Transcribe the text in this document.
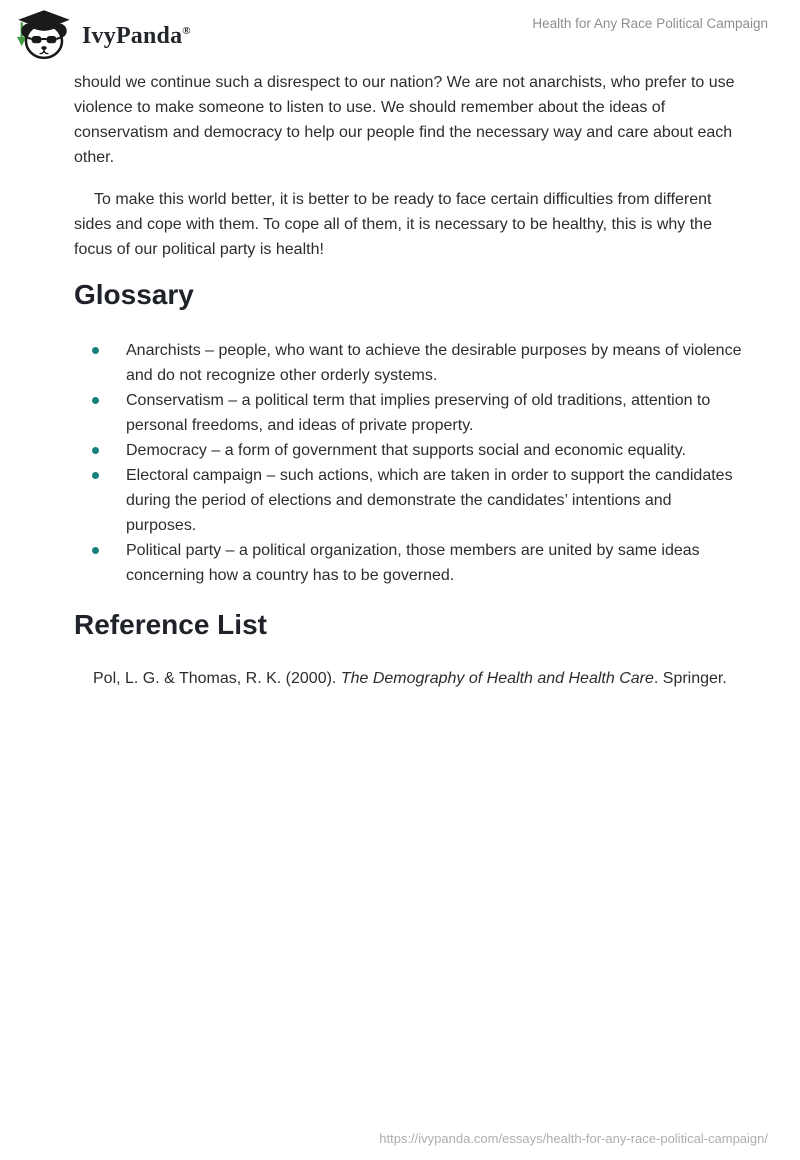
IvyPanda®	Health for Any Race Political Campaign

should we continue such a disrespect to our nation? We are not anarchists, who prefer to use violence to make someone to listen to use. We should remember about the ideas of conservatism and democracy to help our people find the necessary way and care about each other.

To make this world better, it is better to be ready to face certain difficulties from different sides and cope with them. To cope all of them, it is necessary to be healthy, this is why the focus of our political party is health!

Glossary
Anarchists – people, who want to achieve the desirable purposes by means of violence and do not recognize other orderly systems.
Conservatism – a political term that implies preserving of old traditions, attention to personal freedoms, and ideas of private property.
Democracy – a form of government that supports social and economic equality.
Electoral campaign – such actions, which are taken in order to support the candidates during the period of elections and demonstrate the candidates’ intentions and purposes.
Political party – a political organization, those members are united by same ideas concerning how a country has to be governed.
Reference List

Pol, L. G. & Thomas, R. K. (2000). The Demography of Health and Health Care. Springer.

https://ivypanda.com/essays/health-for-any-race-political-campaign/
